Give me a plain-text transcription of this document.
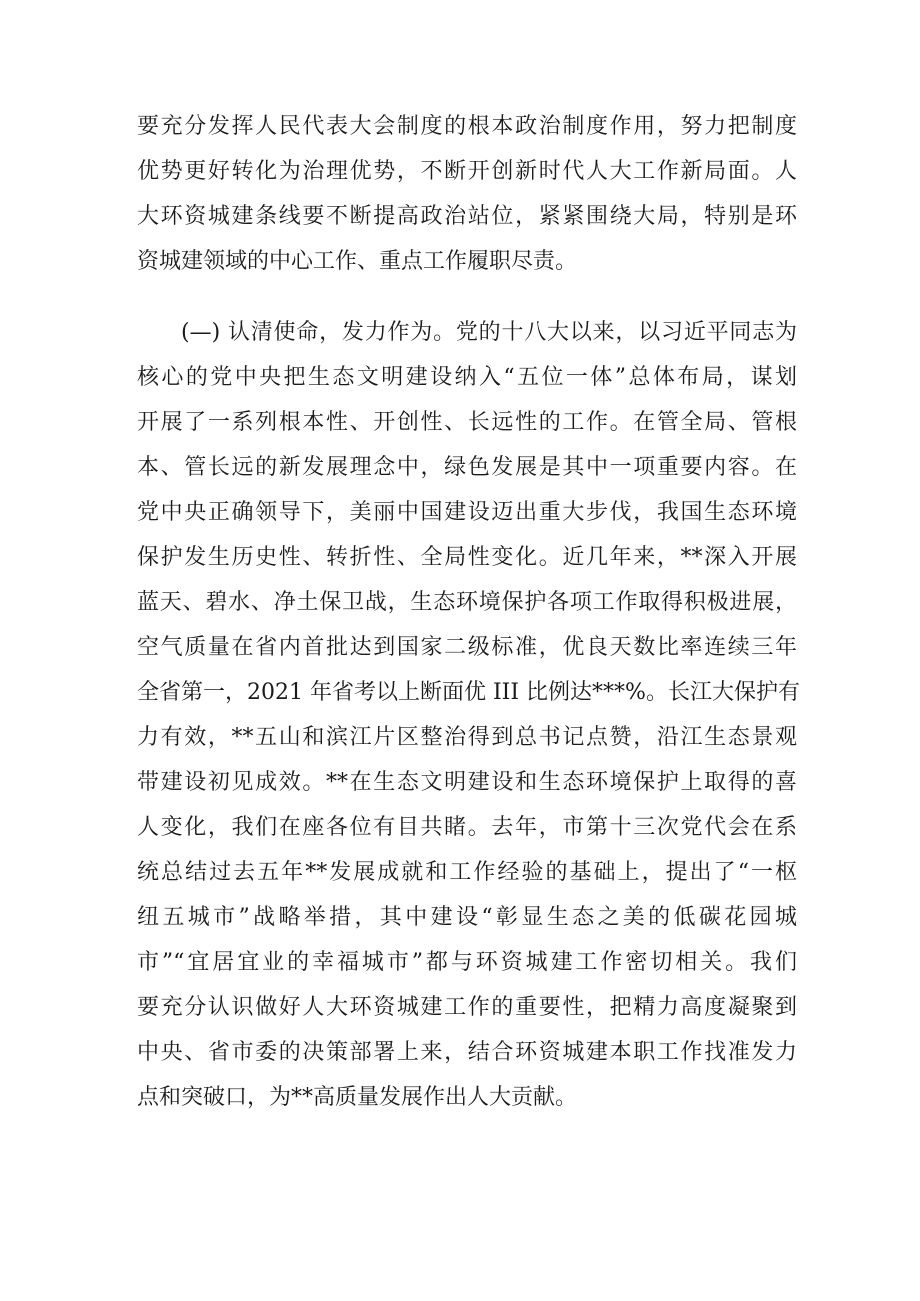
要充分发挥人民代表大会制度的根本政治制度作用，努力把制度
优势更好转化为治理优势，不断开创新时代人大工作新局面。人
大环资城建条线要不断提高政治站位，紧紧围绕大局，特别是环
资城建领域的中心工作、重点工作履职尽责。
(—) 认清使命，发力作为。党的十八大以来，以习近平同志为
核心的党中央把生态文明建设纳入“五位一体”总体布局，谋划
开展了一系列根本性、开创性、长远性的工作。在管全局、管根
本、管长远的新发展理念中，绿色发展是其中一项重要内容。在
党中央正确领导下，美丽中国建设迈出重大步伐，我国生态环境
保护发生历史性、转折性、全局性变化。近几年来，**深入开展
蓝天、碧水、净土保卫战，生态环境保护各项工作取得积极进展，
空气质量在省内首批达到国家二级标准，优良天数比率连续三年
全省第一，2021 年省考以上断面优 III 比例达***%。长江大保护有
力有效，**五山和滨江片区整治得到总书记点赞，沿江生态景观
带建设初见成效。**在生态文明建设和生态环境保护上取得的喜
人变化，我们在座各位有目共睹。去年，市第十三次党代会在系
统总结过去五年**发展成就和工作经验的基础上，提出了“一枢
纽五城市”战略举措，其中建设“彰显生态之美的低碳花园城
市”“宜居宜业的幸福城市”都与环资城建工作密切相关。我们
要充分认识做好人大环资城建工作的重要性，把精力高度凝聚到
中央、省市委的决策部署上来，结合环资城建本职工作找准发力
点和突破口，为**高质量发展作出人大贡献。
